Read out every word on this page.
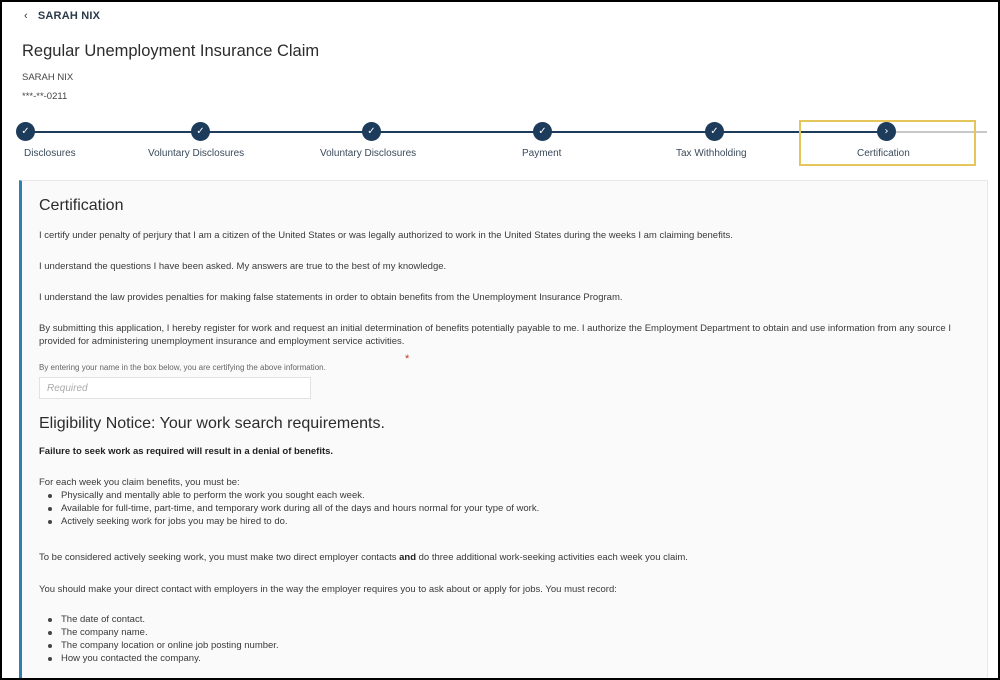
‹ SARAH NIX
Regular Unemployment Insurance Claim
SARAH NIX
***-**-0211
✓	✓	✓	✓	✓	›
Disclosures	Voluntary Disclosures	Voluntary Disclosures	Payment	Tax Withholding	Certification
Certification
I certify under penalty of perjury that I am a citizen of the United States or was legally authorized to work in the United States during the weeks I am claiming benefits.
I understand the questions I have been asked. My answers are true to the best of my knowledge.
I understand the law provides penalties for making false statements in order to obtain benefits from the Unemployment Insurance Program.
By submitting this application, I hereby register for work and request an initial determination of benefits potentially payable to me. I authorize the Employment Department to obtain and use information from any source I provided for administering unemployment insurance and employment service activities.
By entering your name in the box below, you are certifying the above information.
*
Required
Eligibility Notice: Your work search requirements.
Failure to seek work as required will result in a denial of benefits.
For each week you claim benefits, you must be:
Physically and mentally able to perform the work you sought each week.
Available for full-time, part-time, and temporary work during all of the days and hours normal for your type of work.
Actively seeking work for jobs you may be hired to do.
To be considered actively seeking work, you must make two direct employer contacts and do three additional work-seeking activities each week you claim.
You should make your direct contact with employers in the way the employer requires you to ask about or apply for jobs. You must record:
The date of contact.
The company name.
The company location or online job posting number.
How you contacted the company.
